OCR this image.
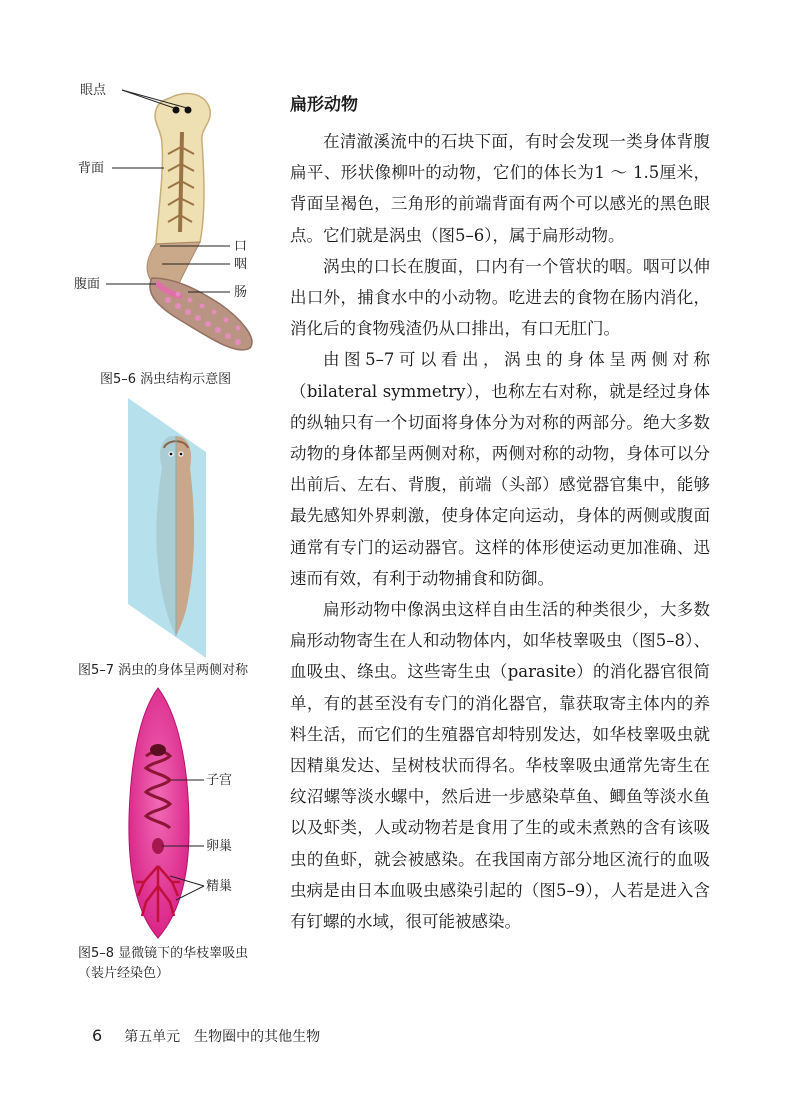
眼点
背面
腹面
口
咽
肠
图5–6 涡虫结构示意图
图5–7 涡虫的身体呈两侧对称
子宫
卵巢
精巢
图5–8 显微镜下的华枝睾吸虫
（装片经染色）
扁形动物

在清澈溪流中的石块下面，有时会发现一类身体背腹扁平、形状像柳叶的动物，它们的体长为1 ～ 1.5厘米，背面呈褐色，三角形的前端背面有两个可以感光的黑色眼点。它们就是涡虫（图5–6），属于扁形动物。

涡虫的口长在腹面，口内有一个管状的咽。咽可以伸出口外，捕食水中的小动物。吃进去的食物在肠内消化，消化后的食物残渣仍从口排出，有口无肛门。

由图5–7可以看出，涡虫的身体呈两侧对称（bilateral symmetry），也称左右对称，就是经过身体的纵轴只有一个切面将身体分为对称的两部分。绝大多数动物的身体都呈两侧对称，两侧对称的动物，身体可以分出前后、左右、背腹，前端（头部）感觉器官集中，能够最先感知外界刺激，使身体定向运动，身体的两侧或腹面通常有专门的运动器官。这样的体形使运动更加准确、迅速而有效，有利于动物捕食和防御。

扁形动物中像涡虫这样自由生活的种类很少，大多数扁形动物寄生在人和动物体内，如华枝睾吸虫（图5–8）、血吸虫、绦虫。这些寄生虫（parasite）的消化器官很简单，有的甚至没有专门的消化器官，靠获取寄主体内的养料生活，而它们的生殖器官却特别发达，如华枝睾吸虫就因精巢发达、呈树枝状而得名。华枝睾吸虫通常先寄生在纹沼螺等淡水螺中，然后进一步感染草鱼、鲫鱼等淡水鱼以及虾类，人或动物若是食用了生的或未煮熟的含有该吸虫的鱼虾，就会被感染。在我国南方部分地区流行的血吸虫病是由日本血吸虫感染引起的（图5–9），人若是进入含有钉螺的水域，很可能被感染。

6 第五单元　生物圈中的其他生物
